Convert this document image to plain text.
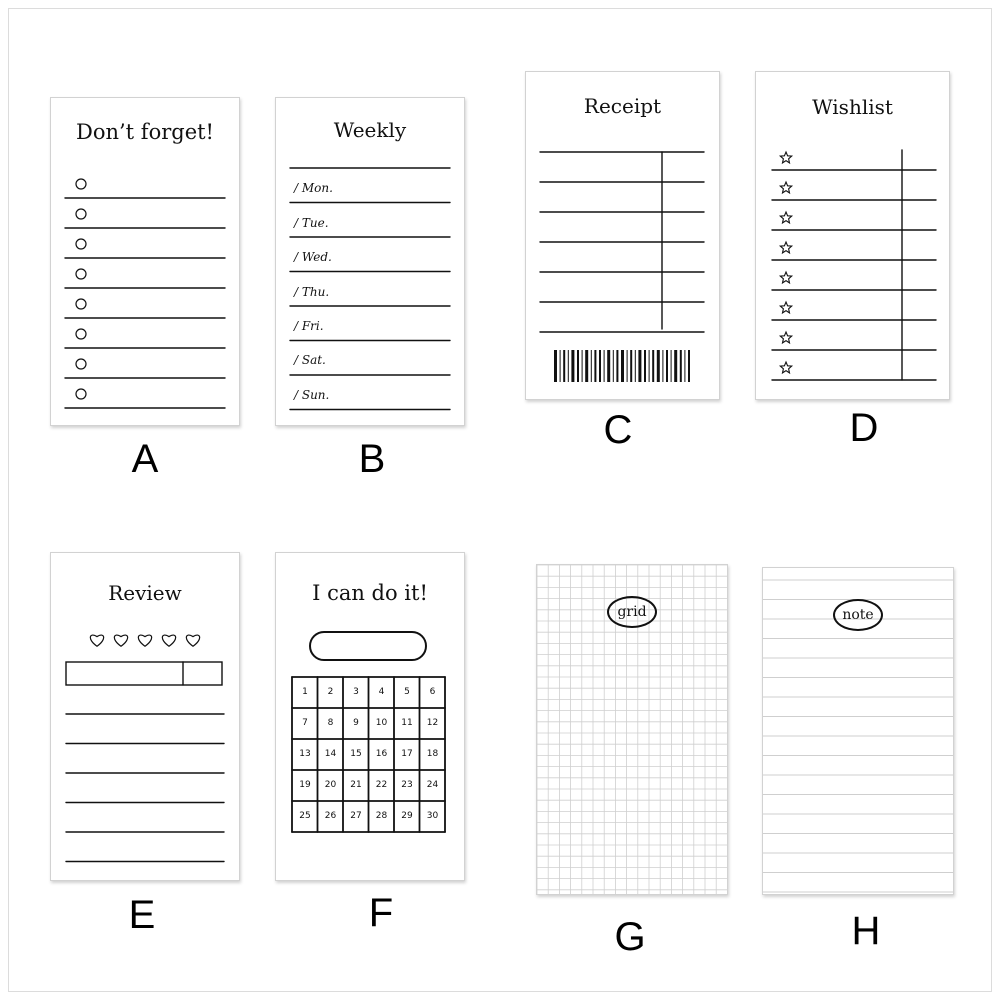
Don’t forget!
A
Weekly
/ Mon.
/ Tue.
/ Wed.
/ Thu.
/ Fri.
/ Sat.
/ Sun.
B
Receipt
C
Wishlist
D
Review
E
I can do it!
1	2	3	4	5	6
7	8	9	10	11	12
13	14	15	16	17	18
19	20	21	22	23	24
25	26	27	28	29	30
F
grid
G
note
H
